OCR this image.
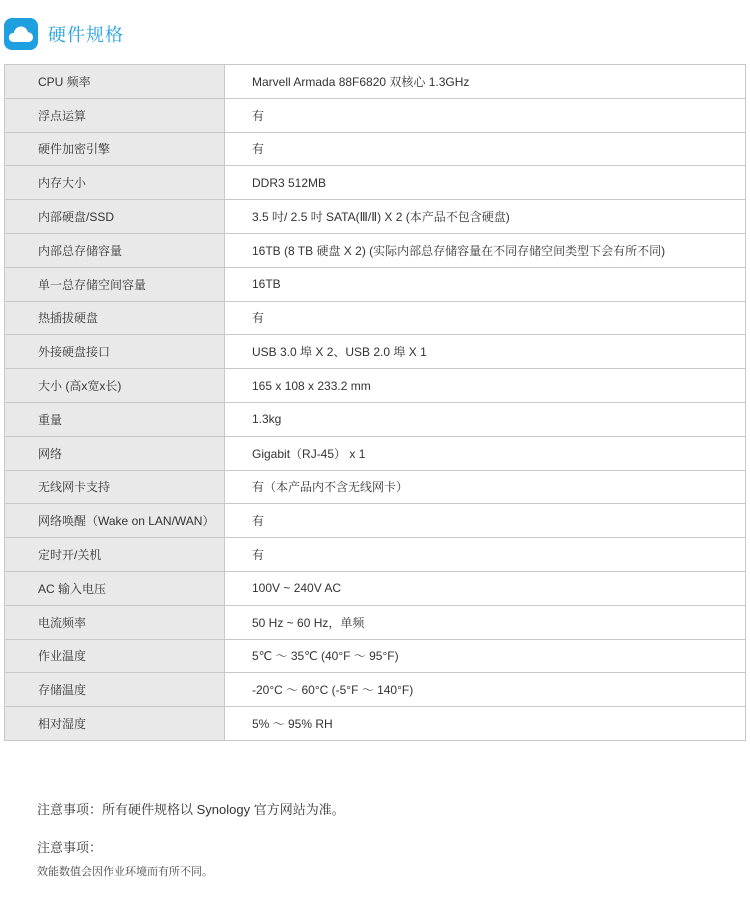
硬件规格
CPU 频率	Marvell Armada 88F6820 双核心 1.3GHz
浮点运算	有
硬件加密引擎	有
内存大小	DDR3 512MB
内部硬盘/SSD	3.5 吋/ 2.5 吋 SATA(Ⅲ/Ⅱ) X 2 (本产品不包含硬盘)
内部总存储容量	16TB (8 TB 硬盘 X 2) (实际内部总存储容量在不同存储空间类型下会有所不同)
单一总存储空间容量	16TB
热插拔硬盘	有
外接硬盘接口	USB 3.0 埠 X 2、USB 2.0 埠 X 1
大小 (高x宽x长)	165 x 108 x 233.2 mm
重量	1.3kg
网络	Gigabit（RJ-45） x 1
无线网卡支持	有（本产品内不含无线网卡）
网络唤醒（Wake on LAN/WAN）	有
定时开/关机	有
AC 输入电压	100V ~ 240V AC
电流频率	50 Hz ~ 60 Hz，单频
作业温度	5℃ ～ 35℃ (40°F ～ 95°F)
存储温度	-20°C ～ 60°C (-5°F ～ 140°F)
相对湿度	5% ～ 95% RH
注意事项：所有硬件规格以 Synology 官方网站为准。
注意事项：
效能数值会因作业环境而有所不同。
